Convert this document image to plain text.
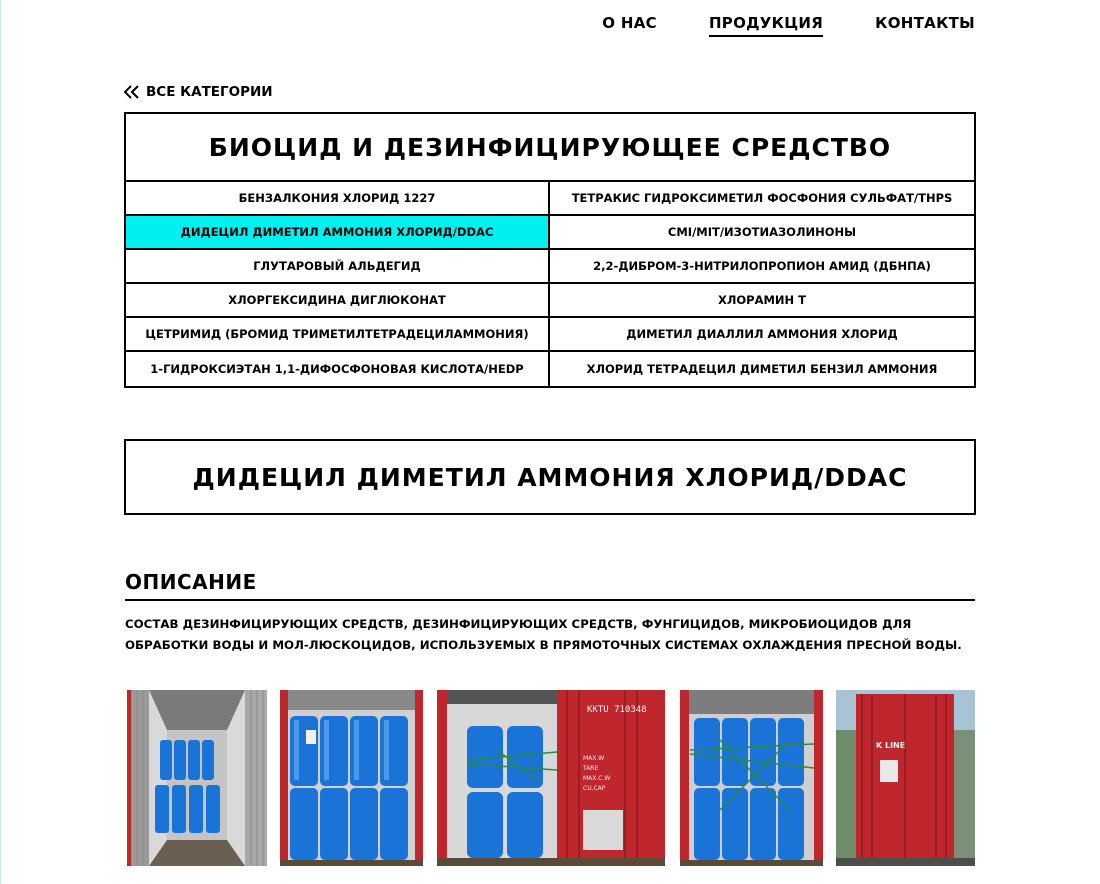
О НАС	ПРОДУКЦИЯ	КОНТАКТЫ
ВСЕ КАТЕГОРИИ
БИОЦИД И ДЕЗИНФИЦИРУЮЩЕЕ СРЕДСТВО
БЕНЗАЛКОНИЯ ХЛОРИД 1227	ТЕТРАКИС ГИДРОКСИМЕТИЛ ФОСФОНИЯ СУЛЬФАТ/THPS
ДИДЕЦИЛ ДИМЕТИЛ АММОНИЯ ХЛОРИД/DDAC	CMI/MIT/ИЗОТИАЗОЛИНОНЫ
ГЛУТАРОВЫЙ АЛЬДЕГИД	2,2-ДИБРОМ-3-НИТРИЛОПРОПИОН АМИД (ДБНПА)
ХЛОРГЕКСИДИНА ДИГЛЮКОНАТ	ХЛОРАМИН Т
ЦЕТРИМИД (БРОМИД ТРИМЕТИЛТЕТРАДЕЦИЛАММОНИЯ)	ДИМЕТИЛ ДИАЛЛИЛ АММОНИЯ ХЛОРИД
1-ГИДРОКСИЭТАН 1,1-ДИФОСФОНОВАЯ КИСЛОТА/HEDP	ХЛОРИД ТЕТРАДЕЦИЛ ДИМЕТИЛ БЕНЗИЛ АММОНИЯ
ДИДЕЦИЛ ДИМЕТИЛ АММОНИЯ ХЛОРИД/DDAC
ОПИСАНИЕ
СОСТАВ ДЕЗИНФИЦИРУЮЩИХ СРЕДСТВ, ДЕЗИНФИЦИРУЮЩИХ СРЕДСТВ, ФУНГИЦИДОВ, МИКРОБИОЦИДОВ ДЛЯ ОБРАБОТКИ ВОДЫ И МОЛ-ЛЮСКОЦИДОВ, ИСПОЛЬЗУЕМЫХ В ПРЯМОТОЧНЫХ СИСТЕМАХ ОХЛАЖДЕНИЯ ПРЕСНОЙ ВОДЫ.
KKTU 710348
MAX.W
TARE
MAX.C.W
CU.CAP
K LINE
